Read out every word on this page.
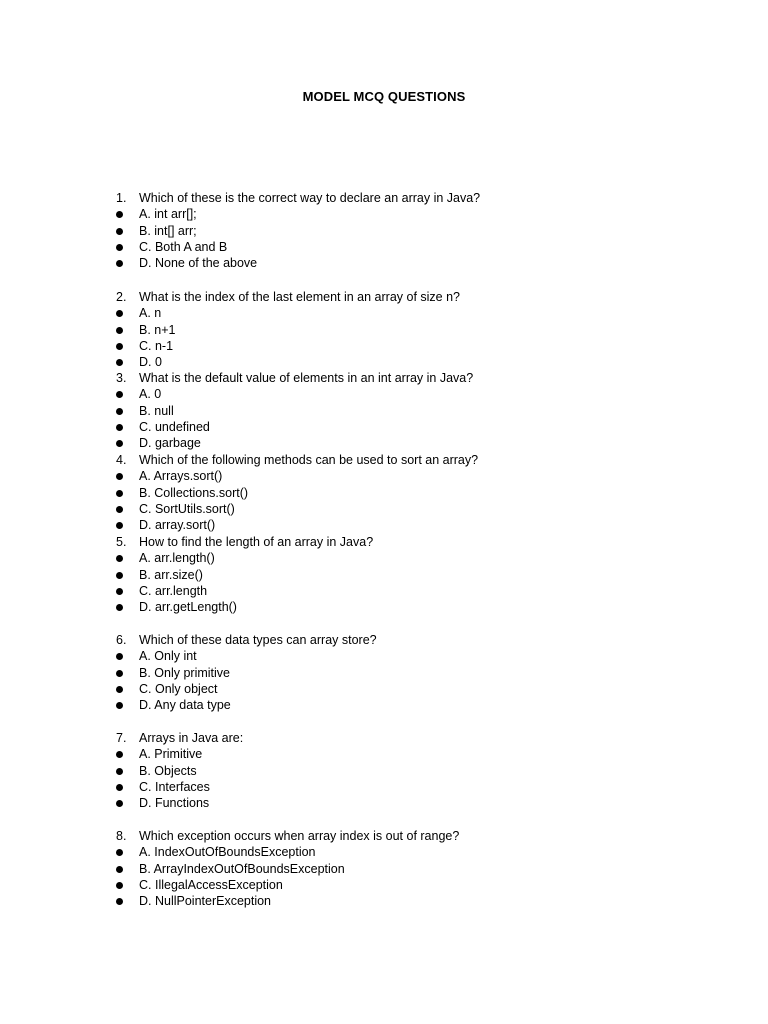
MODEL MCQ QUESTIONS
1.	Which of these is the correct way to declare an array in Java?
A. int arr[];
B. int[] arr;
C. Both A and B
D. None of the above
2.	What is the index of the last element in an array of size n?
A. n
B. n+1
C. n-1
D. 0
3.	What is the default value of elements in an int array in Java?
A. 0
B. null
C. undefined
D. garbage
4.	Which of the following methods can be used to sort an array?
A. Arrays.sort()
B. Collections.sort()
C. SortUtils.sort()
D. array.sort()
5.	How to find the length of an array in Java?
A. arr.length()
B. arr.size()
C. arr.length
D. arr.getLength()
6.	Which of these data types can array store?
A. Only int
B. Only primitive
C. Only object
D. Any data type
7.	Arrays in Java are:
A. Primitive
B. Objects
C. Interfaces
D. Functions
8.	Which exception occurs when array index is out of range?
A. IndexOutOfBoundsException
B. ArrayIndexOutOfBoundsException
C. IllegalAccessException
D. NullPointerException
